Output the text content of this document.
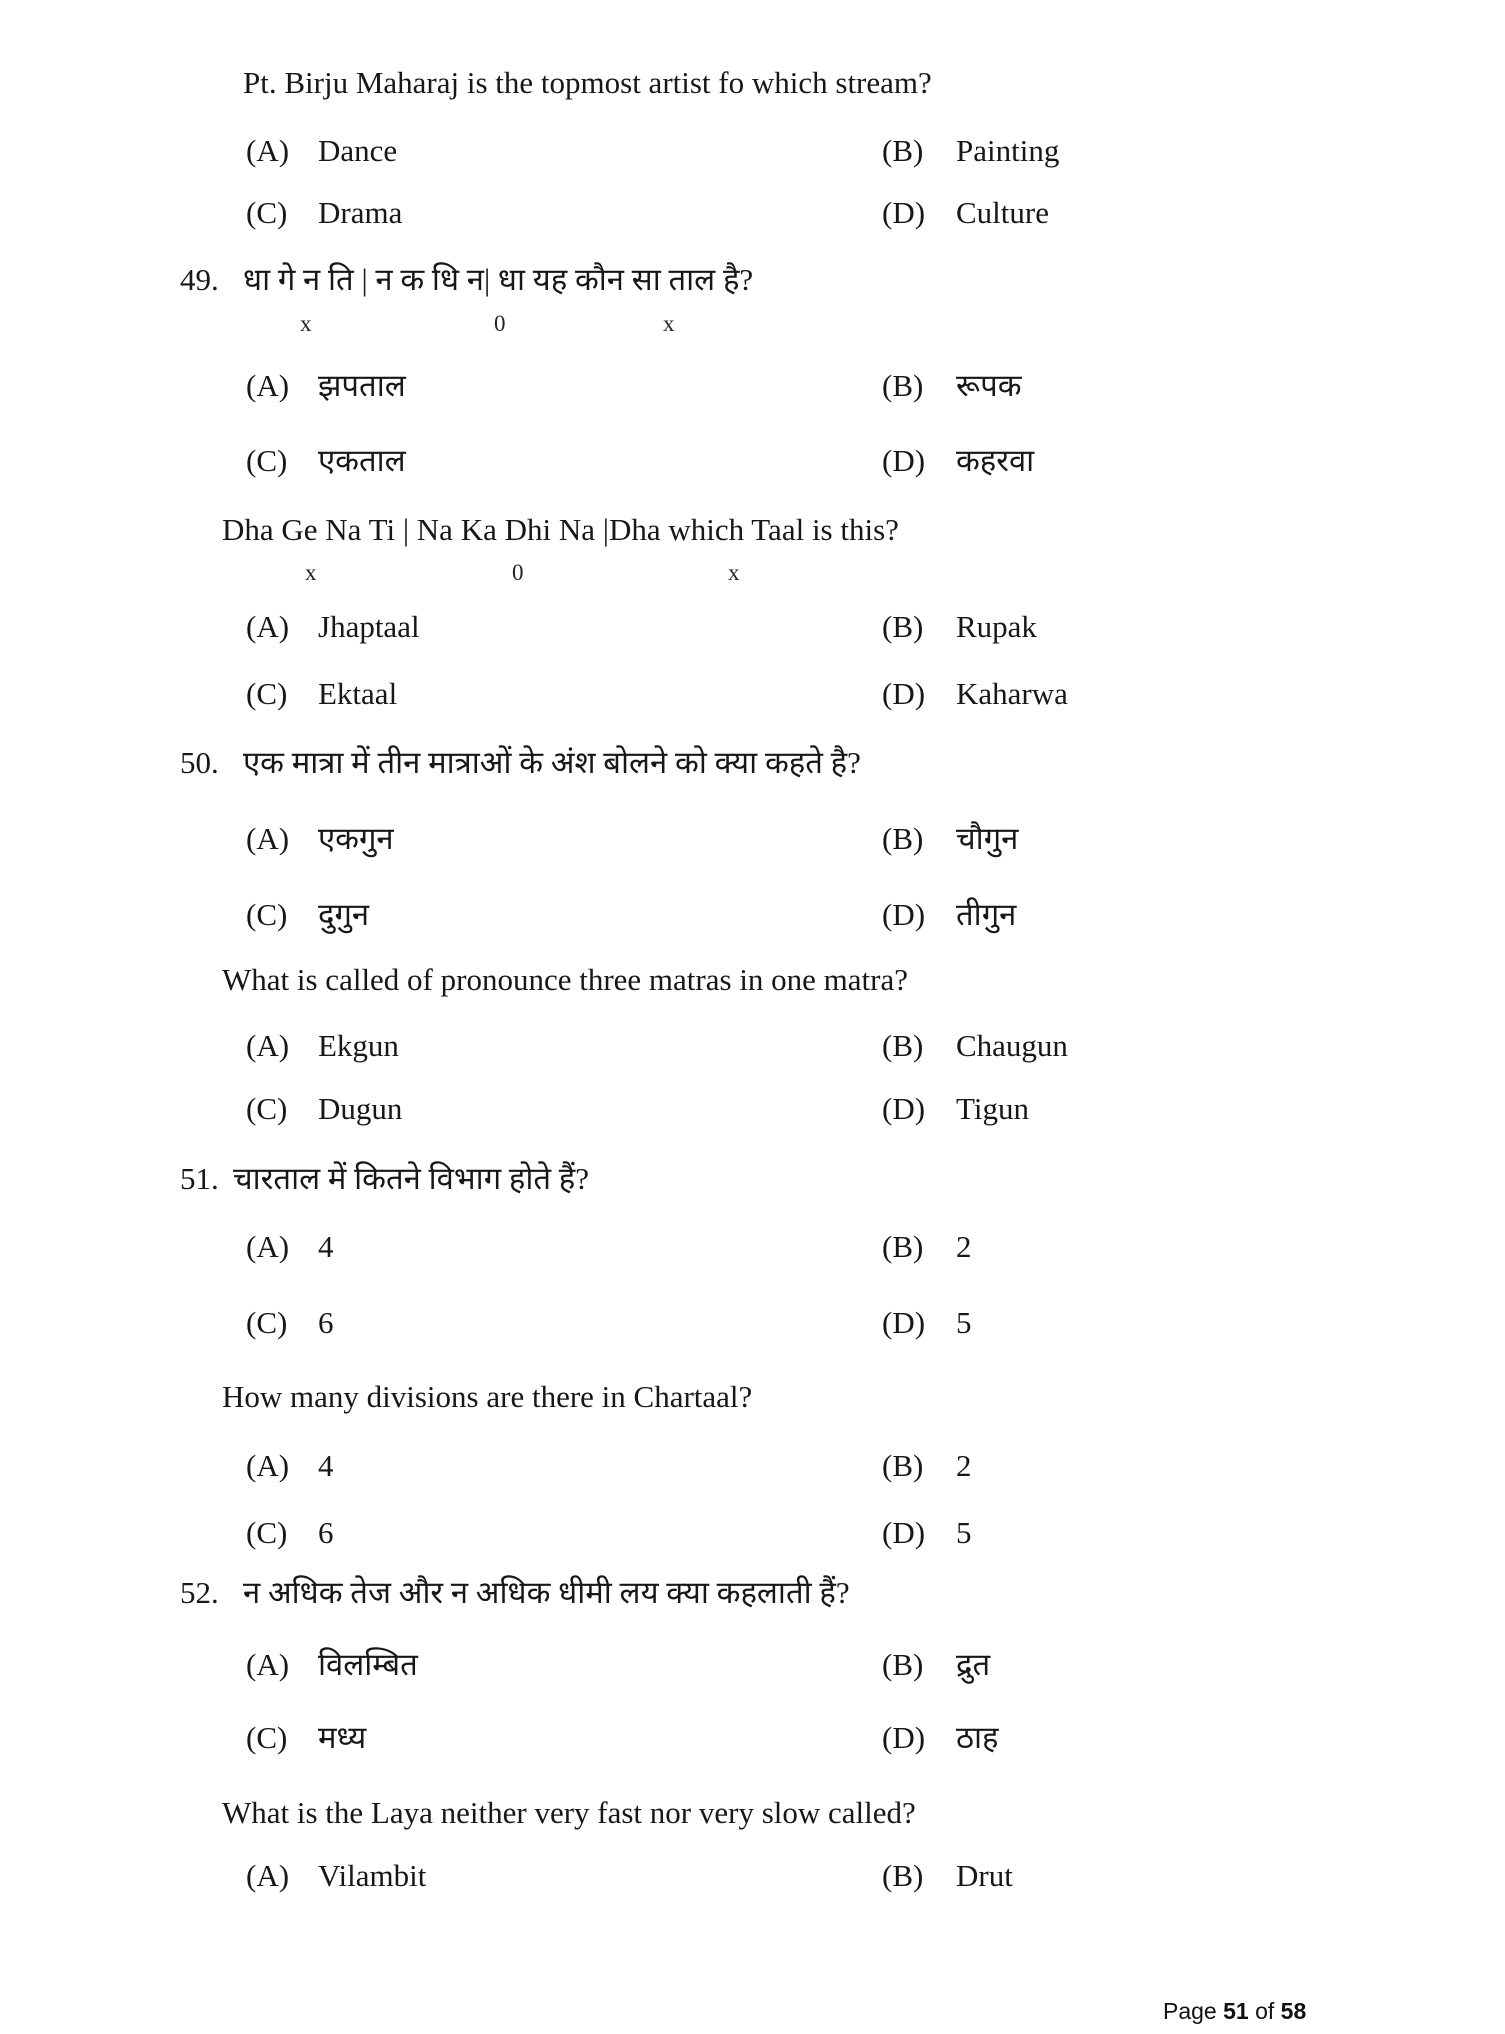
Pt. Birju Maharaj is the topmost artist fo which stream?
(A) Dance	(B) Painting
(C) Drama	(D) Culture
49. धा गे न ति | न क धि न| धा यह कौन सा ताल है?
x	0	x
(A) झपताल	(B) रूपक
(C) एकताल	(D) कहरवा
Dha Ge Na Ti | Na Ka Dhi Na |Dha which Taal is this?
x	0	x
(A) Jhaptaal	(B) Rupak
(C) Ektaal	(D) Kaharwa
50. एक मात्रा में तीन मात्राओं के अंश बोलने को क्या कहते है?
(A) एकगुन	(B) चौगुन
(C) दुगुन	(D) तीगुन
What is called of pronounce three matras in one matra?
(A) Ekgun	(B) Chaugun
(C) Dugun	(D) Tigun
51. चारताल में कितने विभाग होते हैं?
(A) 4	(B) 2
(C) 6	(D) 5
How many divisions are there in Chartaal?
(A) 4	(B) 2
(C) 6	(D) 5
52. न अधिक तेज और न अधिक धीमी लय क्या कहलाती हैं?
(A) विलम्बित	(B) द्रुत
(C) मध्य	(D) ठाह
What is the Laya neither very fast nor very slow called?
(A) Vilambit	(B) Drut
Page 51 of 58
